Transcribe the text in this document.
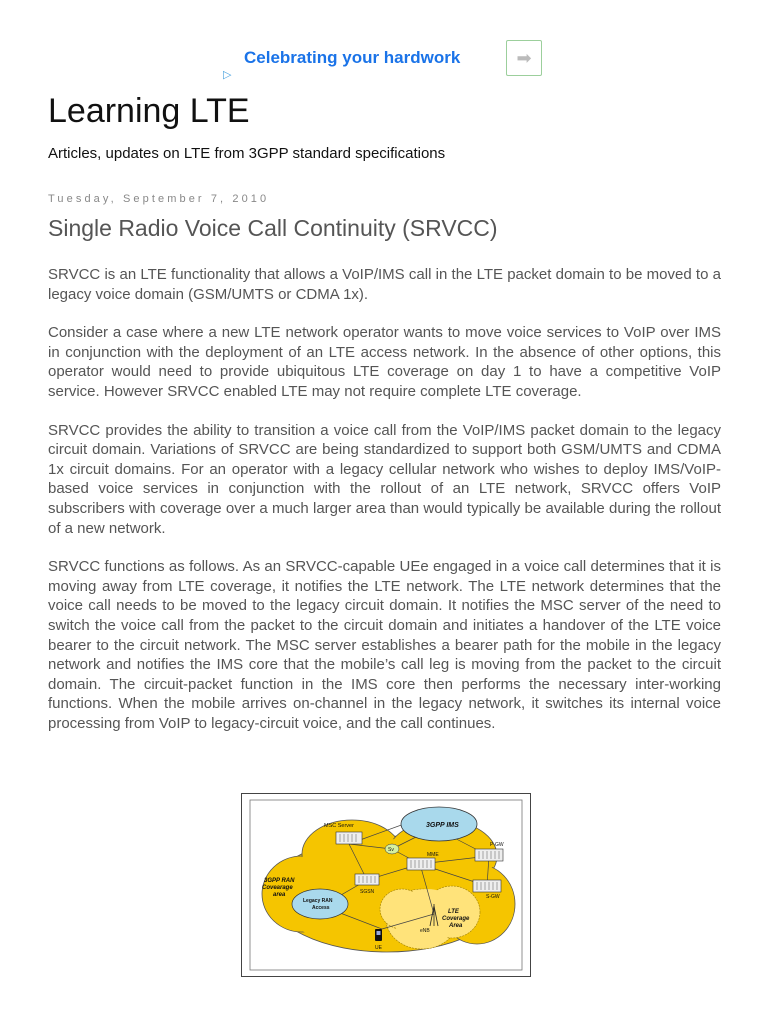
▷
Celebrating your hardwork	➡
Learning LTE
Articles, updates on LTE from 3GPP standard specifications
Tuesday, September 7, 2010
Single Radio Voice Call Continuity (SRVCC)

SRVCC is an LTE functionality that allows a VoIP/IMS call in the LTE packet domain to be moved to a legacy voice domain (GSM/UMTS or CDMA 1x).

Consider a case where a new LTE network operator wants to move voice services to VoIP over IMS in conjunction with the deployment of an LTE access network. In the absence of other options, this operator would need to provide ubiquitous LTE coverage on day 1 to have a competitive VoIP service. However SRVCC enabled LTE may not require complete LTE coverage.

SRVCC provides the ability to transition a voice call from the VoIP/IMS packet domain to the legacy circuit domain. Variations of SRVCC are being standardized to support both GSM/UMTS and CDMA 1x circuit domains. For an operator with a legacy cellular network who wishes to deploy IMS/VoIP-based voice services in conjunction with the rollout of an LTE network, SRVCC offers VoIP subscribers with coverage over a much larger area than would typically be available during the rollout of a new network.

SRVCC functions as follows. As an SRVCC-capable UEe engaged in a voice call determines that it is moving away from LTE coverage, it notifies the LTE network. The LTE network determines that the voice call needs to be moved to the legacy circuit domain. It notifies the MSC server of the need to switch the voice call from the packet to the circuit domain and initiates a handover of the LTE voice bearer to the circuit network. The MSC server establishes a bearer path for the mobile in the legacy network and notifies the IMS core that the mobile’s call leg is moving from the packet to the circuit domain. The circuit-packet function in the IMS core then performs the necessary inter-working functions. When the mobile arrives on-channel in the legacy network, it switches its internal voice processing from VoIP to legacy-circuit voice, and the call continues.

3GPP IMS
MSC Server
Sv
MME
P-GW
S-GW
SGSN
3GPP RAN
Covearage
area
Legacy RAN
Access
LTE
Coverage
Area
eNB
UE
